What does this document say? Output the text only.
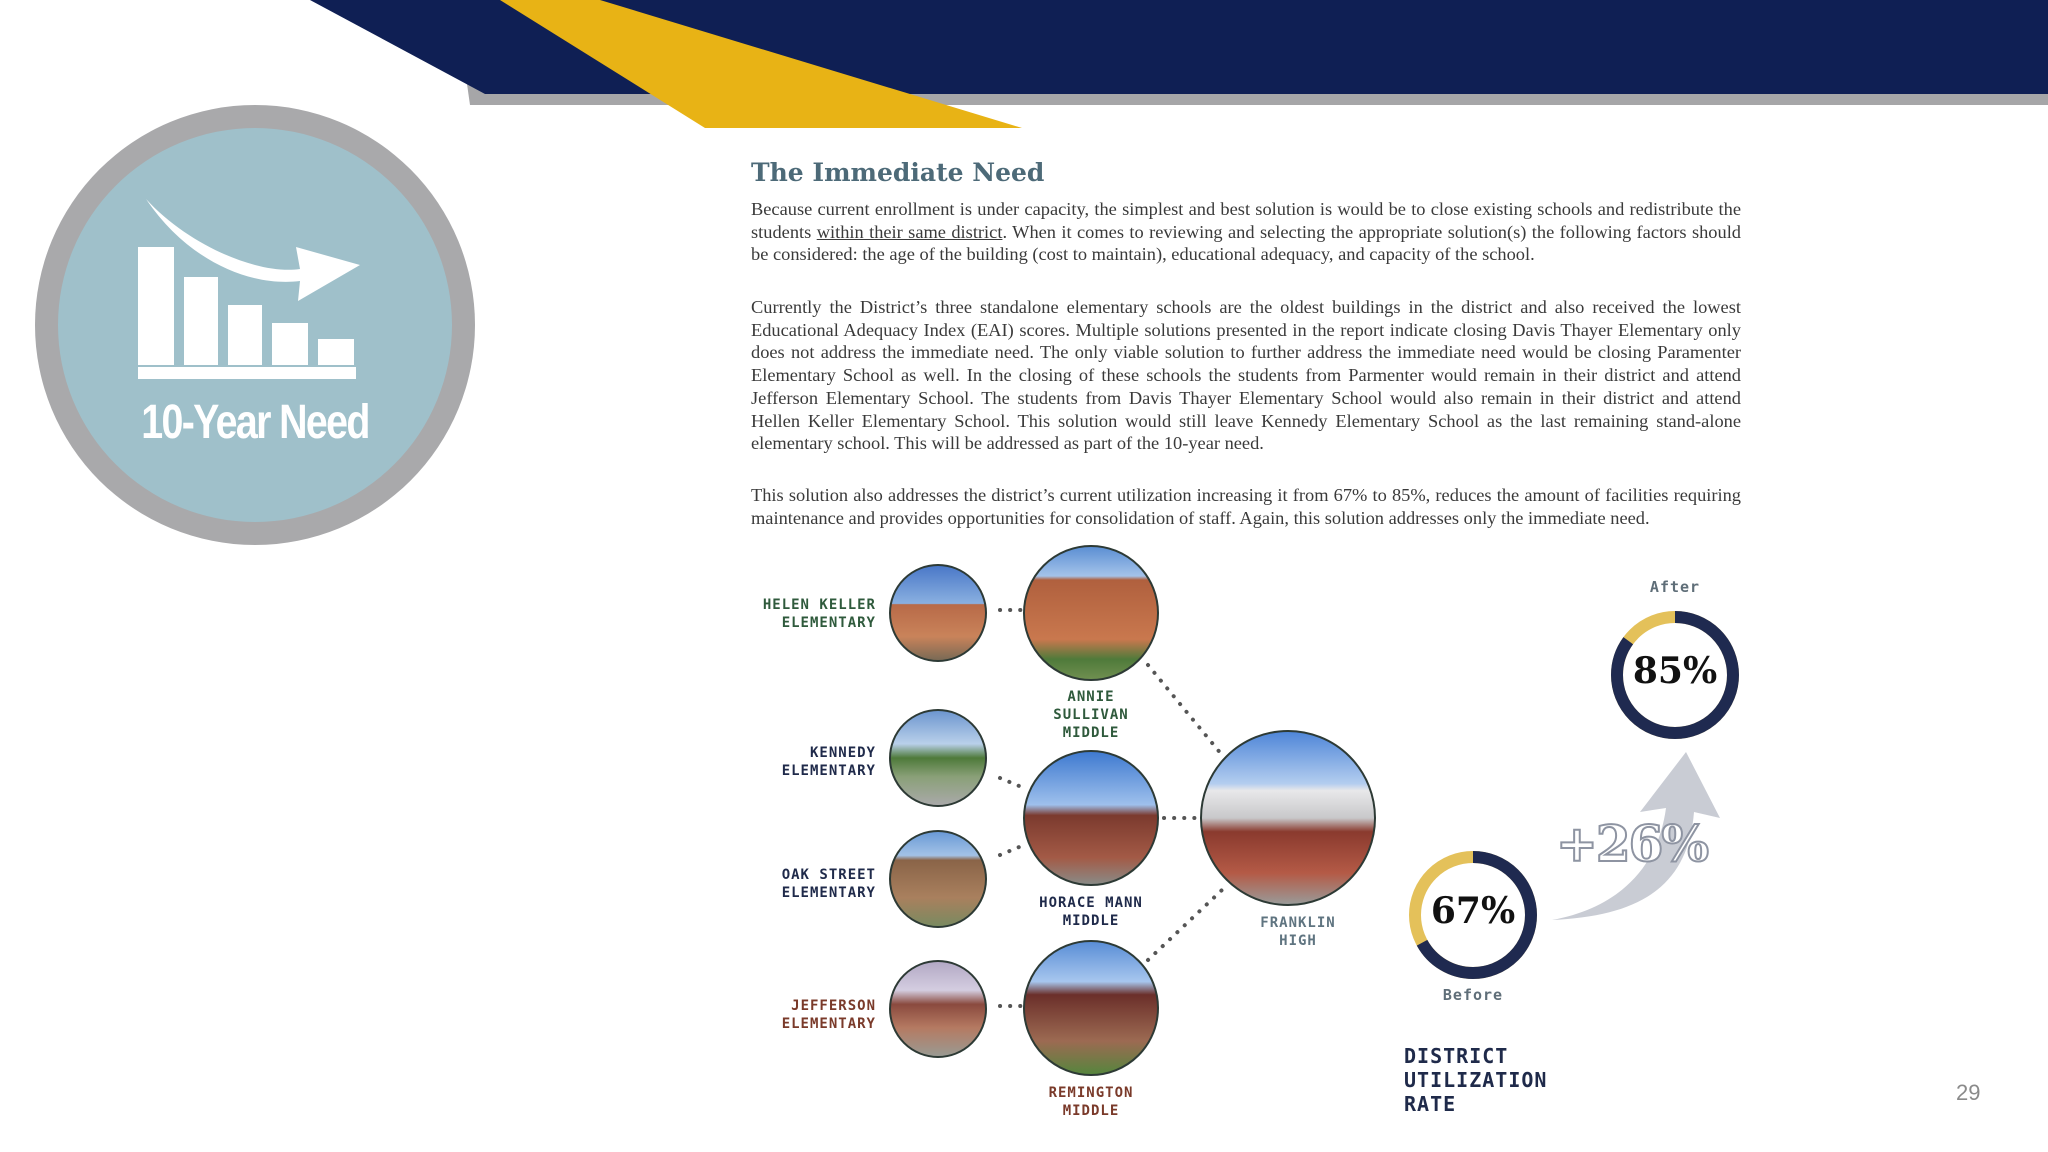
10-Year Need
The Immediate Need

Because current enrollment is under capacity, the simplest and best solution is would be to close existing schools and redistribute the students within their same district. When it comes to reviewing and selecting the appropriate solution(s) the following factors should be considered: the age of the building (cost to maintain), educational adequacy, and capacity of the school.

Currently the District’s three standalone elementary schools are the oldest buildings in the district and also received the lowest Educational Adequacy Index (EAI) scores. Multiple solutions presented in the report indicate closing Davis Thayer Elementary only does not address the immediate need. The only viable solution to further address the immediate need would be closing Paramenter Elementary School as well. In the closing of these schools the students from Parmenter would remain in their district and attend Jefferson Elementary School. The students from Davis Thayer Elementary School would also remain in their district and attend Hellen Keller Elementary School. This solution would still leave Kennedy Elementary School as the last remaining stand-alone elementary school. This will be addressed as part of the 10-year need.

This solution also addresses the district’s current utilization increasing it from 67% to 85%, reduces the amount of facilities requiring maintenance and provides opportunities for consolidation of staff. Again, this solution addresses only the immediate need.

HELEN KELLER
ELEMENTARY
KENNEDY
ELEMENTARY
OAK STREET
ELEMENTARY
JEFFERSON
ELEMENTARY
ANNIE
SULLIVAN
MIDDLE
HORACE MANN
MIDDLE
REMINGTON
MIDDLE
FRANKLIN
HIGH
+26%
After
85%
67%
Before
DISTRICT
UTILIZATION
RATE	29
